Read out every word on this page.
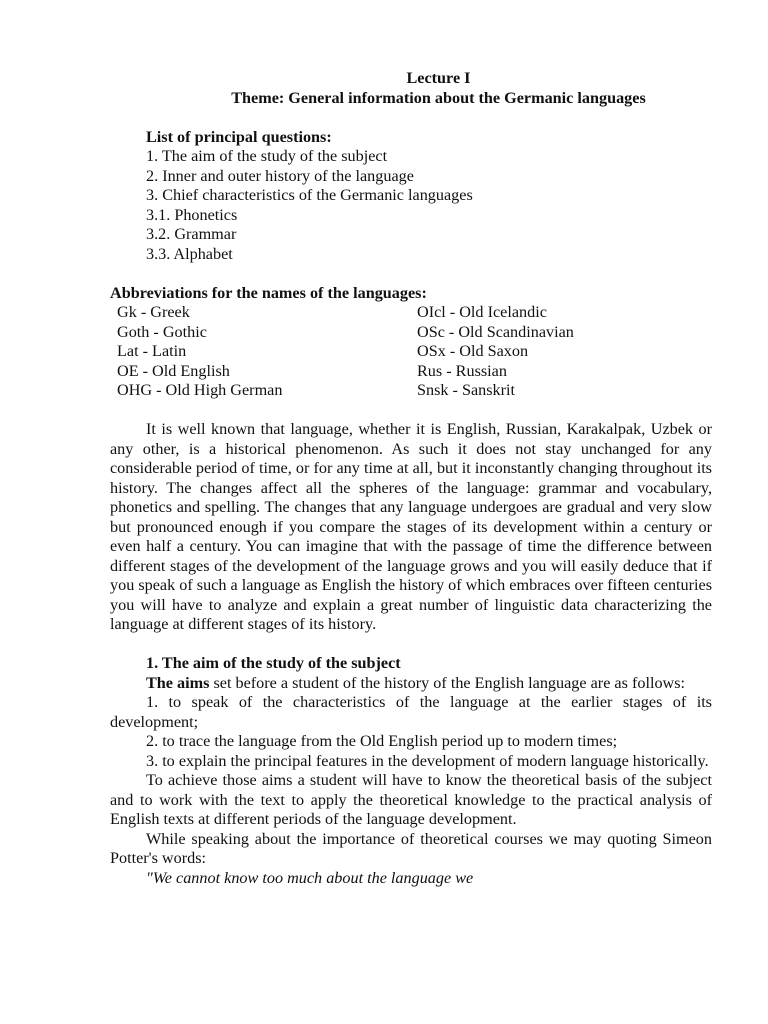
Lecture I
Theme: General information about the Germanic languages
List of principal questions:
1. The aim of the study of the subject
2. Inner and outer history of the language
3. Chief characteristics of the Germanic languages
3.1. Phonetics
3.2. Grammar
3.3. Alphabet
Abbreviations for the names of the languages:
Gk - Greek	OIcl - Old Icelandic
Goth - Gothic	OSc - Old Scandinavian
Lat - Latin	OSx - Old Saxon
OE - Old English	Rus - Russian
OHG - Old High German	Snsk - Sanskrit

It is well known that language, whether it is English, Russian, Karakalpak, Uzbek or any other, is a historical phenomenon. As such it does not stay unchanged for any considerable period of time, or for any time at all, but it inconstantly changing throughout its history. The changes affect all the spheres of the language: grammar and vocabulary, phonetics and spelling. The changes that any language undergoes are gradual and very slow but pronounced enough if you compare the stages of its development within a century or even half a century. You can imagine that with the passage of time the difference between different stages of the development of the language grows and you will easily deduce that if you speak of such a language as English the history of which embraces over fifteen centuries you will have to analyze and explain a great number of linguistic data characterizing the language at different stages of its history.

1. The aim of the study of the subject

The aims set before a student of the history of the English language are as follows:

1. to speak of the characteristics of the language at the earlier stages of its development;

2. to trace the language from the Old English period up to modern times;

3. to explain the principal features in the development of modern language historically.

To achieve those aims a student will have to know the theoretical basis of the subject and to work with the text to apply the theoretical knowledge to the practical analysis of English texts at different periods of the language development.

While speaking about the importance of theoretical courses we may quoting Simeon Potter's words:

"We cannot know too much about the language we
